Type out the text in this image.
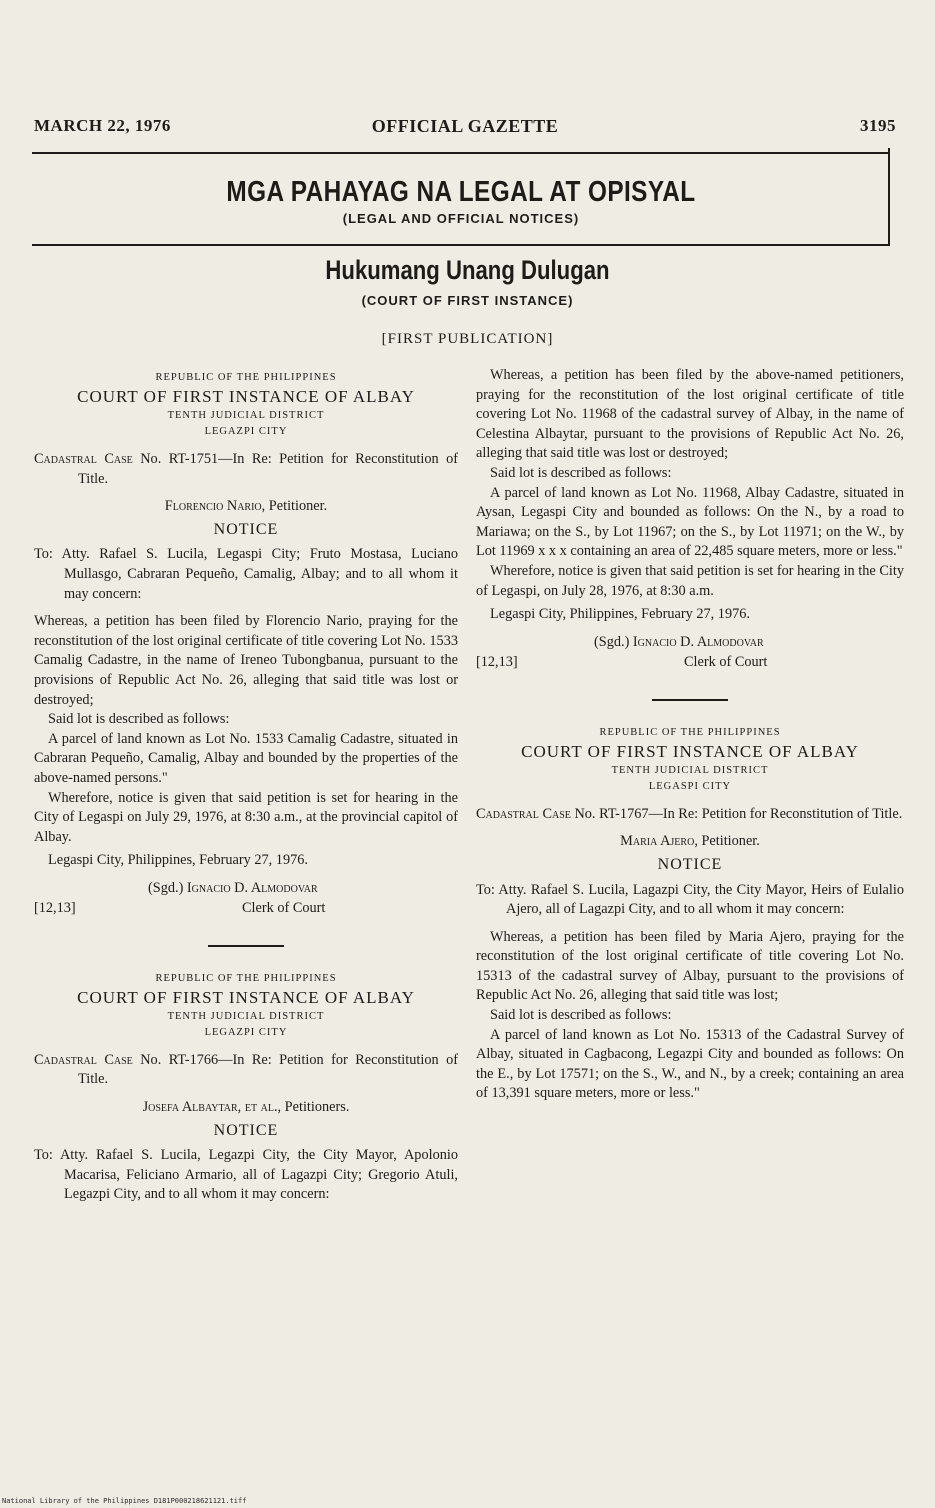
MARCH 22, 1976	OFFICIAL GAZETTE	3195
MGA PAHAYAG NA LEGAL AT OPISYAL
(LEGAL AND OFFICIAL NOTICES)
Hukumang Unang Dulugan
(COURT OF FIRST INSTANCE)
[FIRST PUBLICATION]
REPUBLIC OF THE PHILIPPINES
COURT OF FIRST INSTANCE OF ALBAY
TENTH JUDICIAL DISTRICT
LEGAZPI CITY
Cadastral Case No. RT-1751—In Re: Petition for Reconstitution of Title.
Florencio Nario, Petitioner.
NOTICE
To: Atty. Rafael S. Lucila, Legaspi City; Fruto Mostasa, Luciano Mullasgo, Cabraran Pequeño, Camalig, Albay; and to all whom it may concern:

Whereas, a petition has been filed by Florencio Nario, praying for the reconstitution of the lost original certificate of title covering Lot No. 1533 Camalig Cadastre, in the name of Ireneo Tubongbanua, pursuant to the provisions of Republic Act No. 26, alleging that said title was lost or destroyed;

Said lot is described as follows:

A parcel of land known as Lot No. 1533 Camalig Cadastre, situated in Cabraran Pequeño, Camalig, Albay and bounded by the properties of the above-named persons."

Wherefore, notice is given that said petition is set for hearing in the City of Legaspi on July 29, 1976, at 8:30 a.m., at the provincial capitol of Albay.

Legaspi City, Philippines, February 27, 1976.
(Sgd.) Ignacio D. Almodovar
[12,13]	Clerk of Court
REPUBLIC OF THE PHILIPPINES
COURT OF FIRST INSTANCE OF ALBAY
TENTH JUDICIAL DISTRICT
LEGAZPI CITY
Cadastral Case No. RT-1766—In Re: Petition for Reconstitution of Title.
Josefa Albaytar, et al., Petitioners.
NOTICE
To: Atty. Rafael S. Lucila, Legazpi City, the City Mayor, Apolonio Macarisa, Feliciano Armario, all of Lagazpi City; Gregorio Atuli, Legazpi City, and to all whom it may concern:

Whereas, a petition has been filed by the above-named petitioners, praying for the reconstitution of the lost original certificate of title covering Lot No. 11968 of the cadastral survey of Albay, in the name of Celestina Albaytar, pursuant to the provisions of Republic Act No. 26, alleging that said title was lost or destroyed;

Said lot is described as follows:

A parcel of land known as Lot No. 11968, Albay Cadastre, situated in Aysan, Legaspi City and bounded as follows: On the N., by a road to Mariawa; on the S., by Lot 11967; on the S., by Lot 11971; on the W., by Lot 11969 x x x containing an area of 22,485 square meters, more or less."

Wherefore, notice is given that said petition is set for hearing in the City of Legaspi, on July 28, 1976, at 8:30 a.m.

Legaspi City, Philippines, February 27, 1976.
(Sgd.) Ignacio D. Almodovar
[12,13]	Clerk of Court
REPUBLIC OF THE PHILIPPINES
COURT OF FIRST INSTANCE OF ALBAY
TENTH JUDICIAL DISTRICT
LEGASPI CITY
Cadastral Case No. RT-1767—In Re: Petition for Reconstitution of Title.
Maria Ajero, Petitioner.
NOTICE
To: Atty. Rafael S. Lucila, Lagazpi City, the City Mayor, Heirs of Eulalio Ajero, all of Lagazpi City, and to all whom it may concern:

Whereas, a petition has been filed by Maria Ajero, praying for the reconstitution of the lost original certificate of title covering Lot No. 15313 of the cadastral survey of Albay, pursuant to the provisions of Republic Act No. 26, alleging that said title was lost;

Said lot is described as follows:

A parcel of land known as Lot No. 15313 of the Cadastral Survey of Albay, situated in Cagbacong, Legazpi City and bounded as follows: On the E., by Lot 17571; on the S., W., and N., by a creek; containing an area of 13,391 square meters, more or less."

National Library of the Philippines D181P000218621121.tiff
